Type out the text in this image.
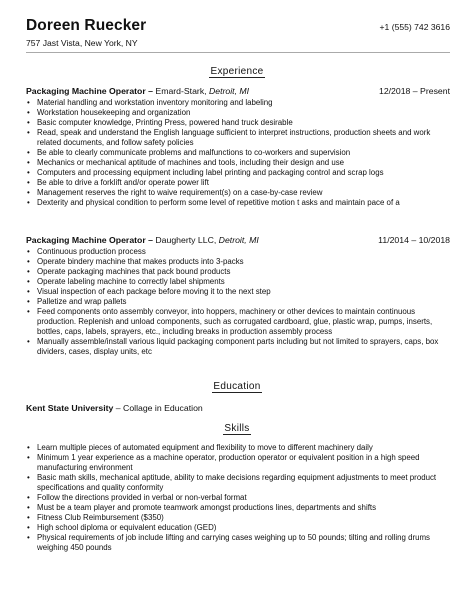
Doreen Ruecker	+1 (555) 742 3616
757 Jast Vista, New York, NY
Experience
Packaging Machine Operator – Emard-Stark, Detroit, MI	12/2018 – Present
• Material handling and workstation inventory monitoring and labeling
• Workstation housekeeping and organization
• Basic computer knowledge, Printing Press, powered hand truck desirable
• Read, speak and understand the English language sufficient to interpret instructions, production sheets and work related documents, and follow safety policies
• Be able to clearly communicate problems and malfunctions to co-workers and supervision
• Mechanics or mechanical aptitude of machines and tools, including their design and use
• Computers and processing equipment including label printing and packaging control and scrap logs
• Be able to drive a forklift and/or operate power lift
• Management reserves the right to waive requirement(s) on a case-by-case review
• Dexterity and physical condition to perform some level of repetitive motion t asks and maintain pace of a
Packaging Machine Operator – Daugherty LLC, Detroit, MI	11/2014 – 10/2018
• Continuous production process
• Operate bindery machine that makes products into 3-packs
• Operate packaging machines that pack bound products
• Operate labeling machine to correctly label shipments
• Visual inspection of each package before moving it to the next step
• Palletize and wrap pallets
• Feed components onto assembly conveyor, into hoppers, machinery or other devices to maintain continuous production. Replenish and unload components, such as corrugated cardboard, glue, plastic wrap, pumps, inserts, bottles, caps, labels, sprayers, etc., including breaks in production assembly process
• Manually assemble/install various liquid packaging component parts including but not limited to sprayers, caps, box dividers, cases, display units, etc
Education
Kent State University – Collage in Education
Skills
• Learn multiple pieces of automated equipment and flexibility to move to different machinery daily
• Minimum 1 year experience as a machine operator, production operator or equivalent position in a high speed manufacturing environment
• Basic math skills, mechanical aptitude, ability to make decisions regarding equipment adjustments to meet product specifications and quality conformity
• Follow the directions provided in verbal or non-verbal format
• Must be a team player and promote teamwork amongst productions lines, departments and shifts
• Fitness Club Reimbursement ($350)
• High school diploma or equivalent education (GED)
• Physical requirements of job include lifting and carrying cases weighing up to 50 pounds; tilting and rolling drums weighing 450 pounds
